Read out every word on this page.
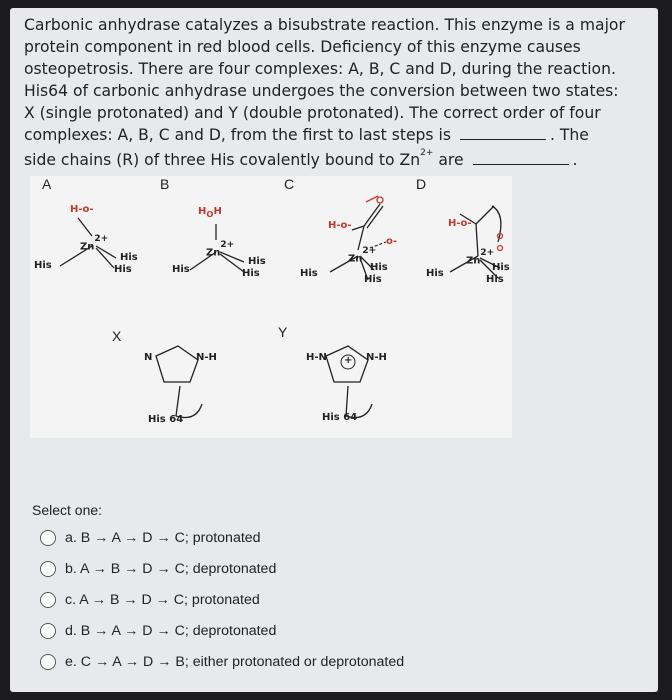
Carbonic anhydrase catalyzes a bisubstrate reaction. This enzyme is a major
protein component in red blood cells. Deficiency of this enzyme causes
osteopetrosis. There are four complexes: A, B, C and D, during the reaction.
His64 of carbonic anhydrase undergoes the conversion between two states:
X (single protonated) and Y (double protonated). The correct order of four
complexes: A, B, C and D, from the first to last steps is	. The
side chains (R) of three His covalently bound to $Zn^{2+}$ are	.
A	B	C	D
H-o-
$Zn^{2+}$
His
His
His
$H_OH$
$Zn^{2+}$
His
His
His
H-o-
o-
$Zn^{2+}$
His
His
His
H-o-
$Zn^{2+}$
His
His
His
X	Y
N	N-H
His 64
H-N + N-H
His 64
Select one:
a. B → A → D → C; protonated
b. A → B → D → C; deprotonated
c. A → B → D → C; protonated
d. B → A → D → C; deprotonated
e. C → A → D → B; either protonated or deprotonated
